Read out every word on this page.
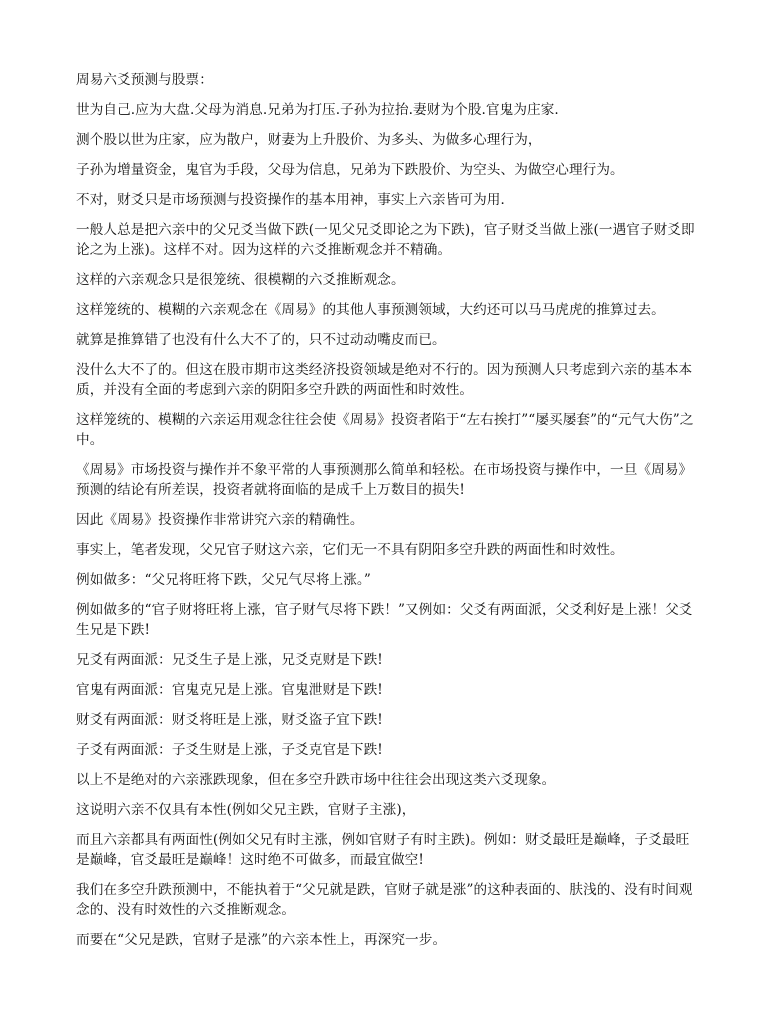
周易六爻预测与股票：

世为自己.应为大盘.父母为消息.兄弟为打压.子孙为拉抬.妻财为个股.官鬼为庄家.

测个股以世为庄家，应为散户，财妻为上升股价、为多头、为做多心理行为，

子孙为增量资金，鬼官为手段，父母为信息，兄弟为下跌股价、为空头、为做空心理行为。

不对，财爻只是市场预测与投资操作的基本用神，事实上六亲皆可为用．

一般人总是把六亲中的父兄爻当做下跌(一见父兄爻即论之为下跌)，官子财爻当做上涨(一遇官子财爻即论之为上涨)。这样不对。因为这样的六爻推断观念并不精确。

这样的六亲观念只是很笼统、很模糊的六爻推断观念。

这样笼统的、模糊的六亲观念在《周易》的其他人事预测领域，大约还可以马马虎虎的推算过去。

就算是推算错了也没有什么大不了的，只不过动动嘴皮而已。

没什么大不了的。但这在股市期市这类经济投资领域是绝对不行的。因为预测人只考虑到六亲的基本本质，并没有全面的考虑到六亲的阴阳多空升跌的两面性和时效性。

这样笼统的、模糊的六亲运用观念往往会使《周易》投资者陷于“左右挨打”“屡买屡套”的“元气大伤”之中。

《周易》市场投资与操作并不象平常的人事预测那么简单和轻松。在市场投资与操作中，一旦《周易》预测的结论有所差误，投资者就将面临的是成千上万数目的损失!

因此《周易》投资操作非常讲究六亲的精确性。

事实上，笔者发现，父兄官子财这六亲，它们无一不具有阴阳多空升跌的两面性和时效性。

例如做多：“父兄将旺将下跌，父兄气尽将上涨。”

例如做多的“官子财将旺将上涨，官子财气尽将下跌！”又例如：父爻有两面派，父爻利好是上涨！父爻生兄是下跌!

兄爻有两面派：兄爻生子是上涨，兄爻克财是下跌!

官鬼有两面派：官鬼克兄是上涨。官鬼泄财是下跌!

财爻有两面派：财爻将旺是上涨，财爻盗子宜下跌!

子爻有两面派：子爻生财是上涨，子爻克官是下跌!

以上不是绝对的六亲涨跌现象，但在多空升跌市场中往往会出现这类六爻现象。

这说明六亲不仅具有本性(例如父兄主跌，官财子主涨)，

而且六亲都具有两面性(例如父兄有时主涨，例如官财子有时主跌)。例如：财爻最旺是巅峰，子爻最旺是巅峰，官爻最旺是巅峰！这时绝不可做多，而最宜做空!

我们在多空升跌预测中，不能执着于“父兄就是跌，官财子就是涨”的这种表面的、肤浅的、没有时间观念的、没有时效性的六爻推断观念。

而要在“父兄是跌，官财子是涨”的六亲本性上，再深究一步。
